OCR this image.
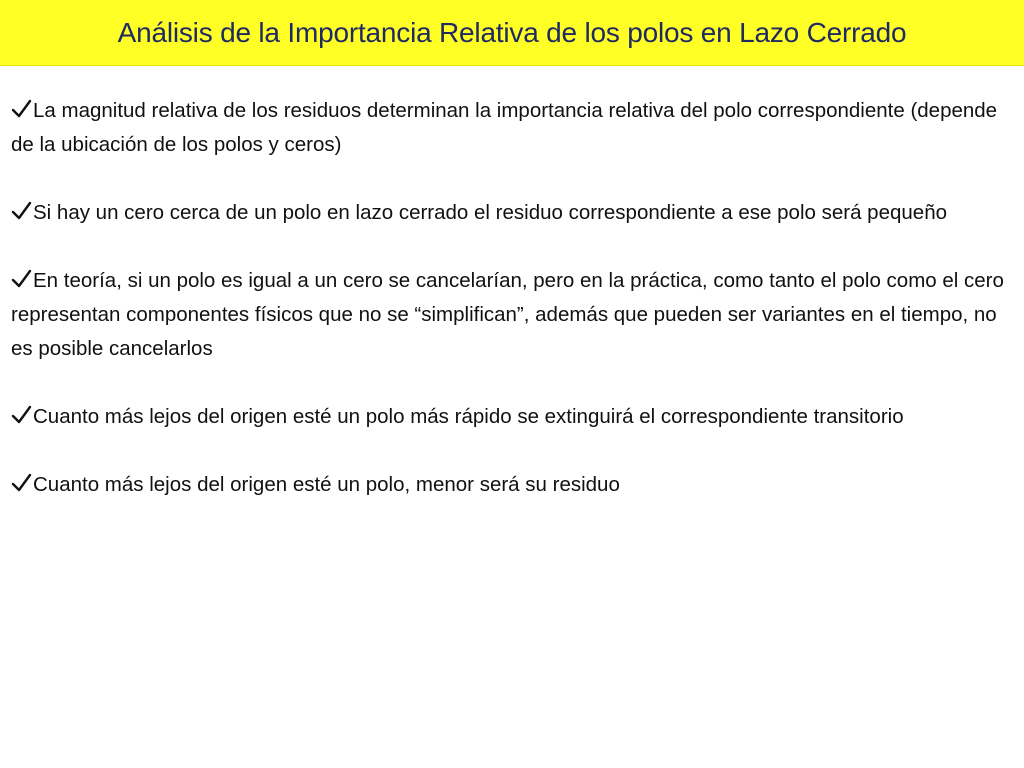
Análisis de la Importancia Relativa de los polos en Lazo Cerrado
La magnitud relativa de los residuos determinan la importancia relativa del polo correspondiente (depende de la ubicación de los polos y ceros)
Si hay un cero cerca de un polo en lazo cerrado el residuo correspondiente a ese polo será pequeño
En teoría, si un polo es igual a un cero se cancelarían, pero en la práctica, como tanto el polo como el cero representan componentes físicos que no se “simplifican”, además que pueden ser variantes en el tiempo, no es posible cancelarlos
Cuanto más lejos del origen esté un polo más rápido se extinguirá el correspondiente transitorio
Cuanto más lejos del origen esté un polo, menor será su residuo
